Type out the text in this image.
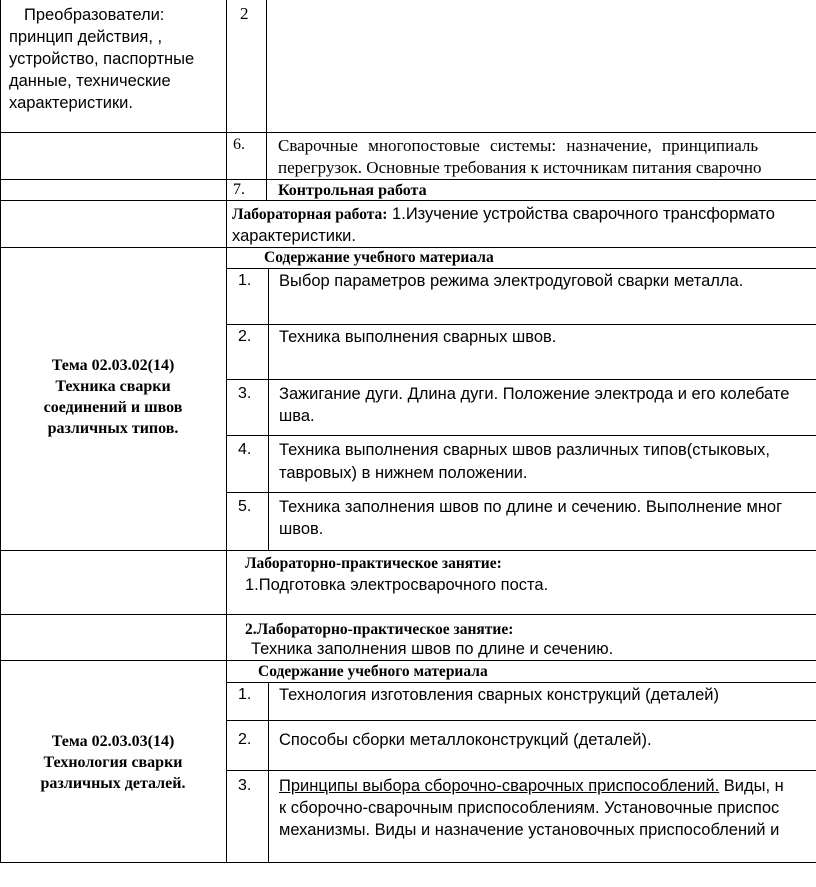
Преобразователи:
принцип действия, ,
устройство, паспортные
данные, технические
характеристики.
2
6. Сварочные многопостовые системы: назначение, принципиаль
перегрузок. Основные требования к источникам питания сварочно
7. Контрольная работа
Лабораторная работа: 1.Изучение устройства сварочного трансформато
характеристики.
Тема 02.03.02(14)
Техника сварки
соединений и швов
различных типов.
Содержание учебного материала
1. Выбор параметров режима электродуговой сварки металла.
2. Техника выполнения сварных швов.
3. Зажигание дуги. Длина дуги. Положение электрода и его колебате
шва.
4. Техника выполнения сварных швов различных типов(стыковых,
тавровых) в нижнем положении.
5. Техника заполнения швов по длине и сечению. Выполнение мног
швов.
Лабораторно-практическое занятие:
1.Подготовка электросварочного поста.
2.Лабораторно-практическое занятие:
Техника заполнения швов по длине и сечению.
Тема 02.03.03(14)
Технология сварки
различных деталей.
Содержание учебного материала
1. Технология изготовления сварных конструкций (деталей)
2. Способы сборки металлоконструкций (деталей).
3. Принципы выбора сборочно-сварочных приспособлений. Виды, н
к сборочно-сварочным приспособлениям. Установочные приспос
механизмы. Виды и назначение установочных приспособлений и
